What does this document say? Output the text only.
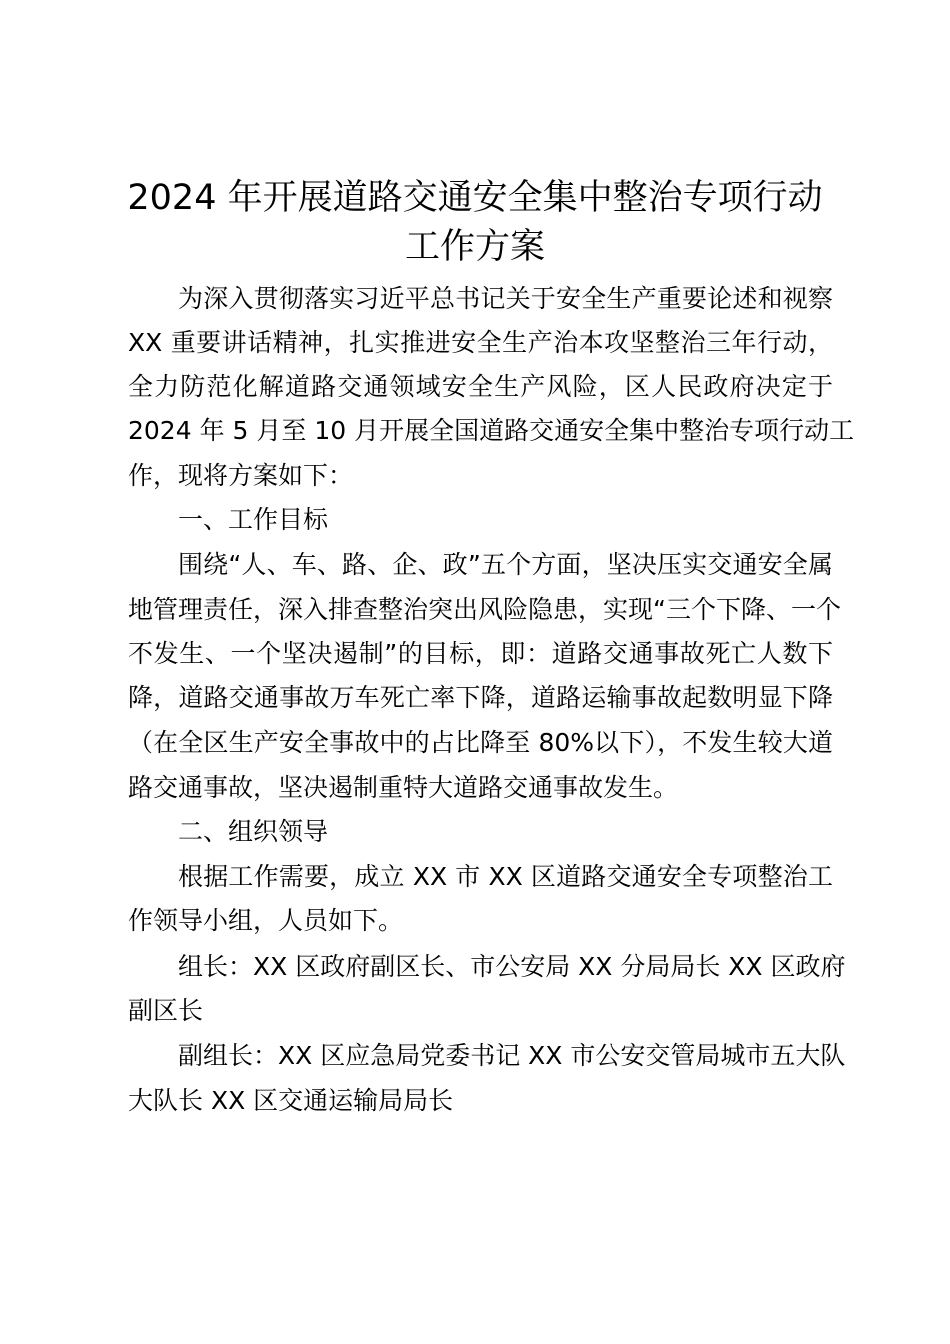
2024 年开展道路交通安全集中整治专项行动
工作方案
为深入贯彻落实习近平总书记关于安全生产重要论述和视察
XX 重要讲话精神，扎实推进安全生产治本攻坚整治三年行动，
全力防范化解道路交通领域安全生产风险，区人民政府决定于
2024 年 5 月至 10 月开展全国道路交通安全集中整治专项行动工
作，现将方案如下：
一、工作目标
围绕“人、车、路、企、政”五个方面，坚决压实交通安全属
地管理责任，深入排查整治突出风险隐患，实现“三个下降、一个
不发生、一个坚决遏制”的目标，即：道路交通事故死亡人数下
降，道路交通事故万车死亡率下降，道路运输事故起数明显下降
（在全区生产安全事故中的占比降至 80%以下），不发生较大道
路交通事故，坚决遏制重特大道路交通事故发生。
二、组织领导
根据工作需要，成立 XX 市 XX 区道路交通安全专项整治工
作领导小组，人员如下。
组长：XX 区政府副区长、市公安局 XX 分局局长 XX 区政府
副区长
副组长：XX 区应急局党委书记 XX 市公安交管局城市五大队
大队长 XX 区交通运输局局长
